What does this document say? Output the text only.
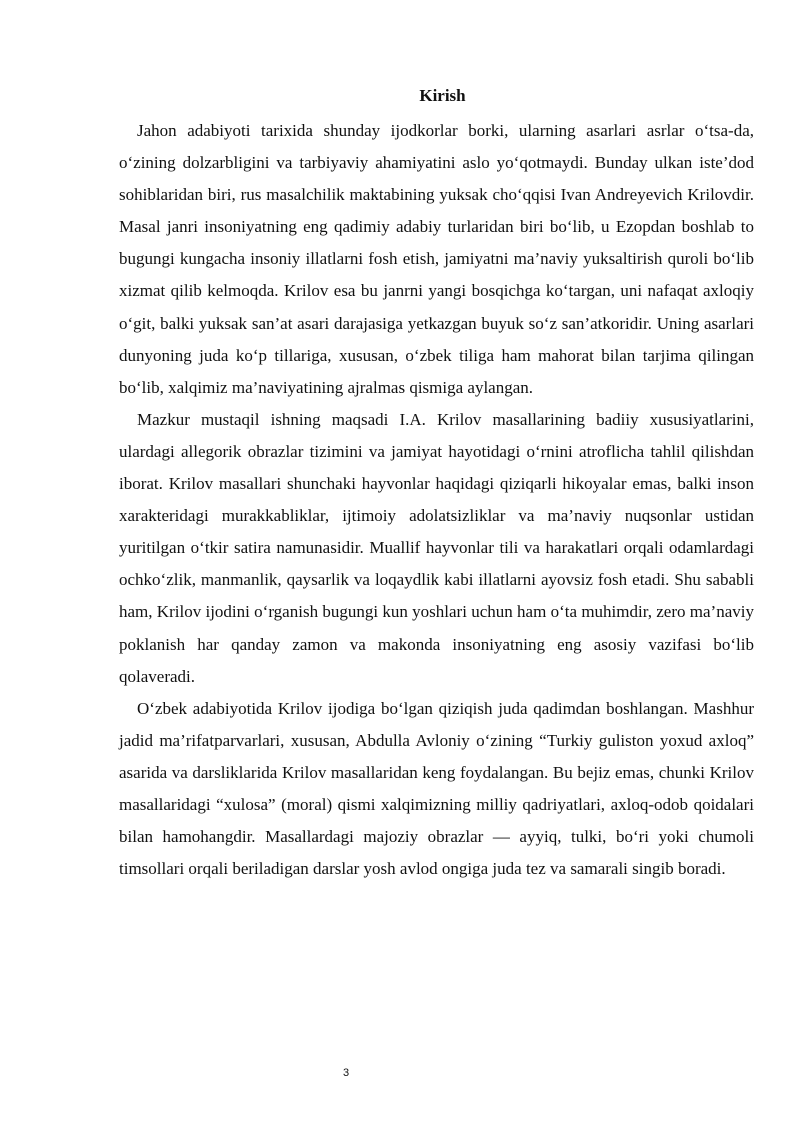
Kirish

Jahon adabiyoti tarixida shunday ijodkorlar borki, ularning asarlari asrlar o‘tsa-da, o‘zining dolzarbligini va tarbiyaviy ahamiyatini aslo yo‘qotmaydi. Bunday ulkan iste’dod sohiblaridan biri, rus masalchilik maktabining yuksak cho‘qqisi Ivan Andreyevich Krilovdir. Masal janri insoniyatning eng qadimiy adabiy turlaridan biri bo‘lib, u Ezopdan boshlab to bugungi kungacha insoniy illatlarni fosh etish, jamiyatni ma’naviy yuksaltirish quroli bo‘lib xizmat qilib kelmoqda. Krilov esa bu janrni yangi bosqichga ko‘targan, uni nafaqat axloqiy o‘git, balki yuksak san’at asari darajasiga yetkazgan buyuk so‘z san’atkoridir. Uning asarlari dunyoning juda ko‘p tillariga, xususan, o‘zbek tiliga ham mahorat bilan tarjima qilingan bo‘lib, xalqimiz ma’naviyatining ajralmas qismiga aylangan.

Mazkur mustaqil ishning maqsadi I.A. Krilov masallarining badiiy xususiyatlarini, ulardagi allegorik obrazlar tizimini va jamiyat hayotidagi o‘rnini atroflicha tahlil qilishdan iborat. Krilov masallari shunchaki hayvonlar haqidagi qiziqarli hikoyalar emas, balki inson xarakteridagi murakkabliklar, ijtimoiy adolatsizliklar va ma’naviy nuqsonlar ustidan yuritilgan o‘tkir satira namunasidir. Muallif hayvonlar tili va harakatlari orqali odamlardagi ochko‘zlik, manmanlik, qaysarlik va loqaydlik kabi illatlarni ayovsiz fosh etadi. Shu sababli ham, Krilov ijodini o‘rganish bugungi kun yoshlari uchun ham o‘ta muhimdir, zero ma’naviy poklanish har qanday zamon va makonda insoniyatning eng asosiy vazifasi bo‘lib qolaveradi.

O‘zbek adabiyotida Krilov ijodiga bo‘lgan qiziqish juda qadimdan boshlangan. Mashhur jadid ma’rifatparvarlari, xususan, Abdulla Avloniy o‘zining “Turkiy guliston yoxud axloq” asarida va darsliklarida Krilov masallaridan keng foydalangan. Bu bejiz emas, chunki Krilov masallaridagi “xulosa” (moral) qismi xalqimizning milliy qadriyatlari, axloq-odob qoidalari bilan hamohangdir. Masallardagi majoziy obrazlar — ayyiq, tulki, bo‘ri yoki chumoli timsollari orqali beriladigan darslar yosh avlod ongiga juda tez va samarali singib boradi.

3
